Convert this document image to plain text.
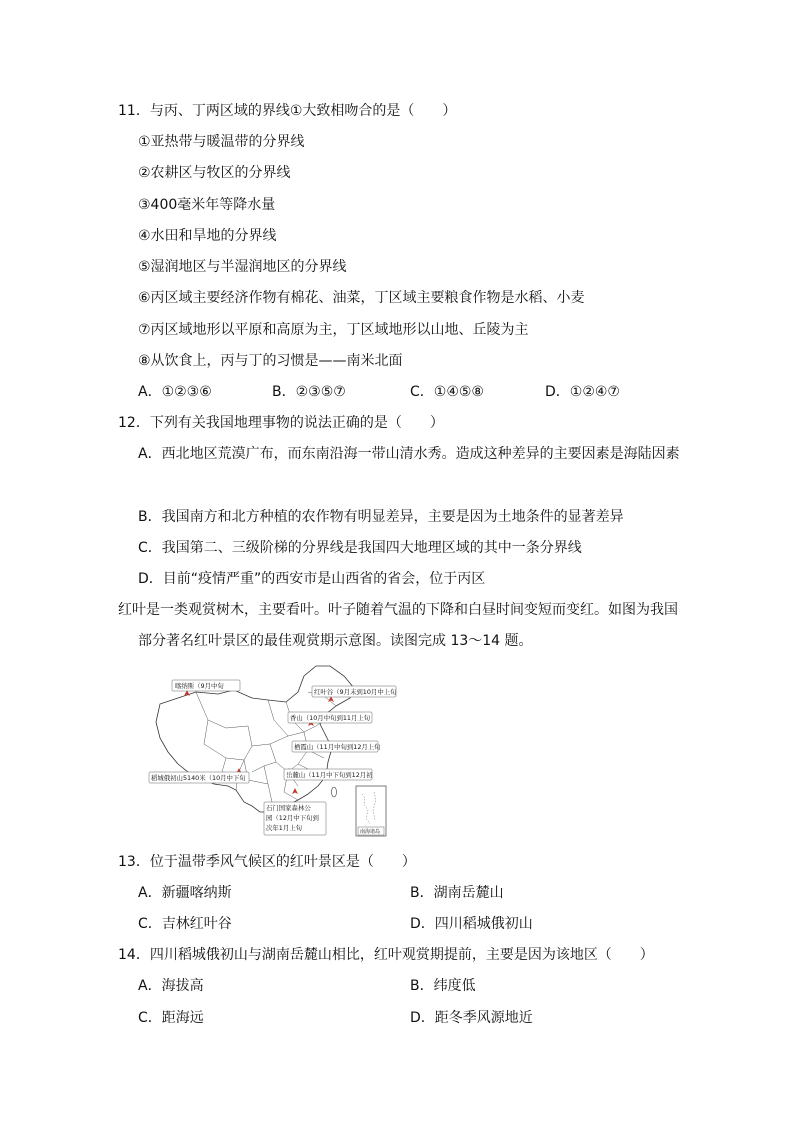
11．与丙、丁两区域的界线①大致相吻合的是（　　）
①亚热带与暖温带的分界线
②农耕区与牧区的分界线
③400毫米年等降水量
④水田和旱地的分界线
⑤湿润地区与半湿润地区的分界线
⑥丙区域主要经济作物有棉花、油菜，丁区域主要粮食作物是水稻、小麦
⑦丙区域地形以平原和高原为主，丁区域地形以山地、丘陵为主
⑧从饮食上，丙与丁的习惯是——南米北面
A．①②③⑥	B．②③⑤⑦	C．①④⑤⑧	D．①②④⑦
12．下列有关我国地理事物的说法正确的是（　　）
A．西北地区荒漠广布，而东南沿海一带山清水秀。造成这种差异的主要因素是海陆因素
B．我国南方和北方种植的农作物有明显差异，主要是因为土地条件的显著差异
C．我国第二、三级阶梯的分界线是我国四大地理区域的其中一条分界线
D．目前“疫情严重”的西安市是山西省的省会，位于丙区
红叶是一类观赏树木，主要看叶。叶子随着气温的下降和白昼时间变短而变红。如图为我国
部分著名红叶景区的最佳观赏期示意图。读图完成 13～14 题。
喀纳斯（9月中旬
红叶谷（9月末到10月中上旬
香山（10月中旬到11月上旬
栖霞山（11月中旬到12月上旬
稻城俄初山5140米（10月中下旬	岳麓山（11月中下旬到12月初
石门国家森林公
园（12月中下旬到
次年1月上旬	南海诸岛
13．位于温带季风气候区的红叶景区是（　　）
A．新疆喀纳斯	B．湖南岳麓山
C．吉林红叶谷	D．四川稻城俄初山
14．四川稻城俄初山与湖南岳麓山相比，红叶观赏期提前，主要是因为该地区（　　）
A．海拔高	B．纬度低
C．距海远	D．距冬季风源地近
